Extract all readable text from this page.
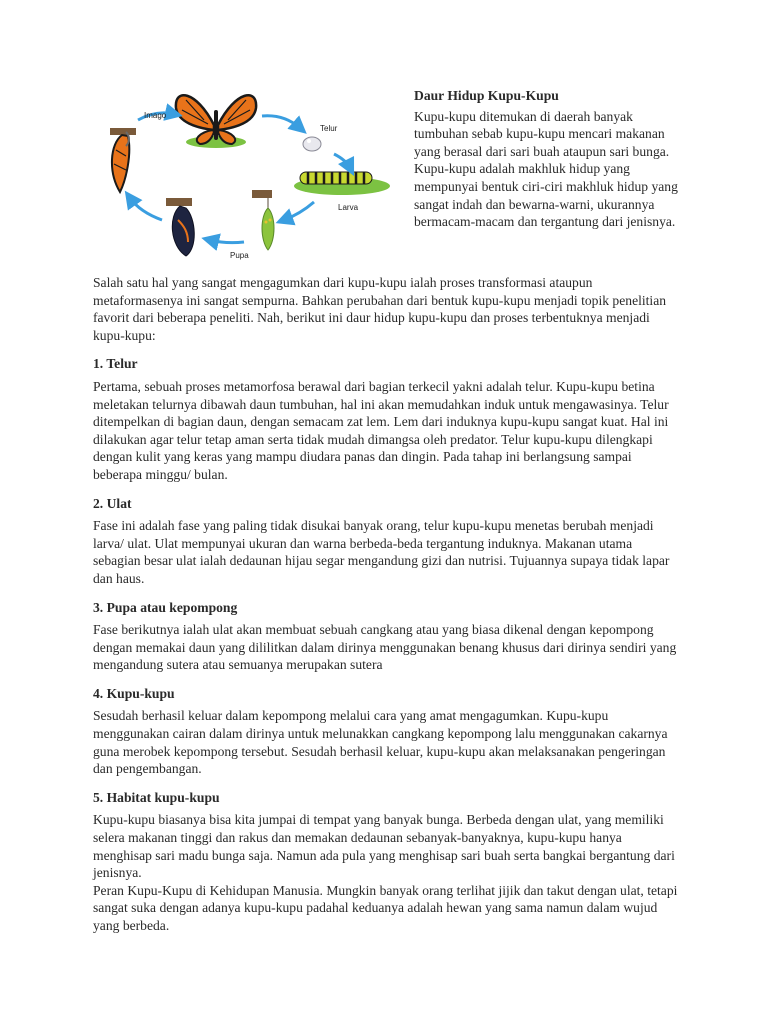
Imago
Telur
Larva
Pupa
Daur Hidup Kupu-Kupu

Kupu-kupu ditemukan di daerah banyak tumbuhan sebab kupu-kupu mencari makanan yang berasal dari sari buah ataupun sari bunga. Kupu-kupu adalah makhluk hidup yang mempunyai bentuk ciri-ciri makhluk hidup yang sangat indah dan bewarna-warni, ukurannya bermacam-macam dan tergantung dari jenisnya.

Salah satu hal yang sangat mengagumkan dari kupu-kupu ialah proses transformasi ataupun metaformasenya ini sangat sempurna. Bahkan perubahan dari bentuk kupu-kupu menjadi topik penelitian favorit dari beberapa peneliti. Nah, berikut ini daur hidup kupu-kupu dan proses terbentuknya menjadi kupu-kupu:

1. Telur

Pertama, sebuah proses metamorfosa berawal dari bagian terkecil yakni adalah telur. Kupu-kupu betina meletakan telurnya dibawah daun tumbuhan, hal ini akan memudahkan induk untuk mengawasinya. Telur ditempelkan di bagian daun, dengan semacam zat lem. Lem dari induknya kupu-kupu sangat kuat. Hal ini dilakukan agar telur tetap aman serta tidak mudah dimangsa oleh predator. Telur kupu-kupu dilengkapi dengan kulit yang keras yang mampu diudara panas dan dingin. Pada tahap ini berlangsung sampai beberapa minggu/ bulan.

2. Ulat

Fase ini adalah fase yang paling tidak disukai banyak orang, telur kupu-kupu menetas berubah menjadi larva/ ulat. Ulat mempunyai ukuran dan warna berbeda-beda tergantung induknya. Makanan utama sebagian besar ulat ialah dedaunan hijau segar mengandung gizi dan nutrisi. Tujuannya supaya tidak lapar dan haus.

3. Pupa atau kepompong

Fase berikutnya ialah ulat akan membuat sebuah cangkang atau yang biasa dikenal dengan kepompong dengan memakai daun yang dililitkan dalam dirinya menggunakan benang khusus dari dirinya sendiri yang mengandung sutera atau semuanya merupakan sutera

4. Kupu-kupu

Sesudah berhasil keluar dalam kepompong melalui cara yang amat mengagumkan. Kupu-kupu menggunakan cairan dalam dirinya untuk melunakkan cangkang kepompong lalu menggunakan cakarnya guna merobek kepompong tersebut. Sesudah berhasil keluar, kupu-kupu akan melaksanakan pengeringan dan pengembangan.

5. Habitat kupu-kupu

Kupu-kupu biasanya bisa kita jumpai di tempat yang banyak bunga. Berbeda dengan ulat, yang memiliki selera makanan tinggi dan rakus dan memakan dedaunan sebanyak-banyaknya, kupu-kupu hanya menghisap sari madu bunga saja. Namun ada pula yang menghisap sari buah serta bangkai bergantung dari jenisnya.

Peran Kupu-Kupu di Kehidupan Manusia. Mungkin banyak orang terlihat jijik dan takut dengan ulat, tetapi sangat suka dengan adanya kupu-kupu padahal keduanya adalah hewan yang sama namun dalam wujud yang berbeda.
